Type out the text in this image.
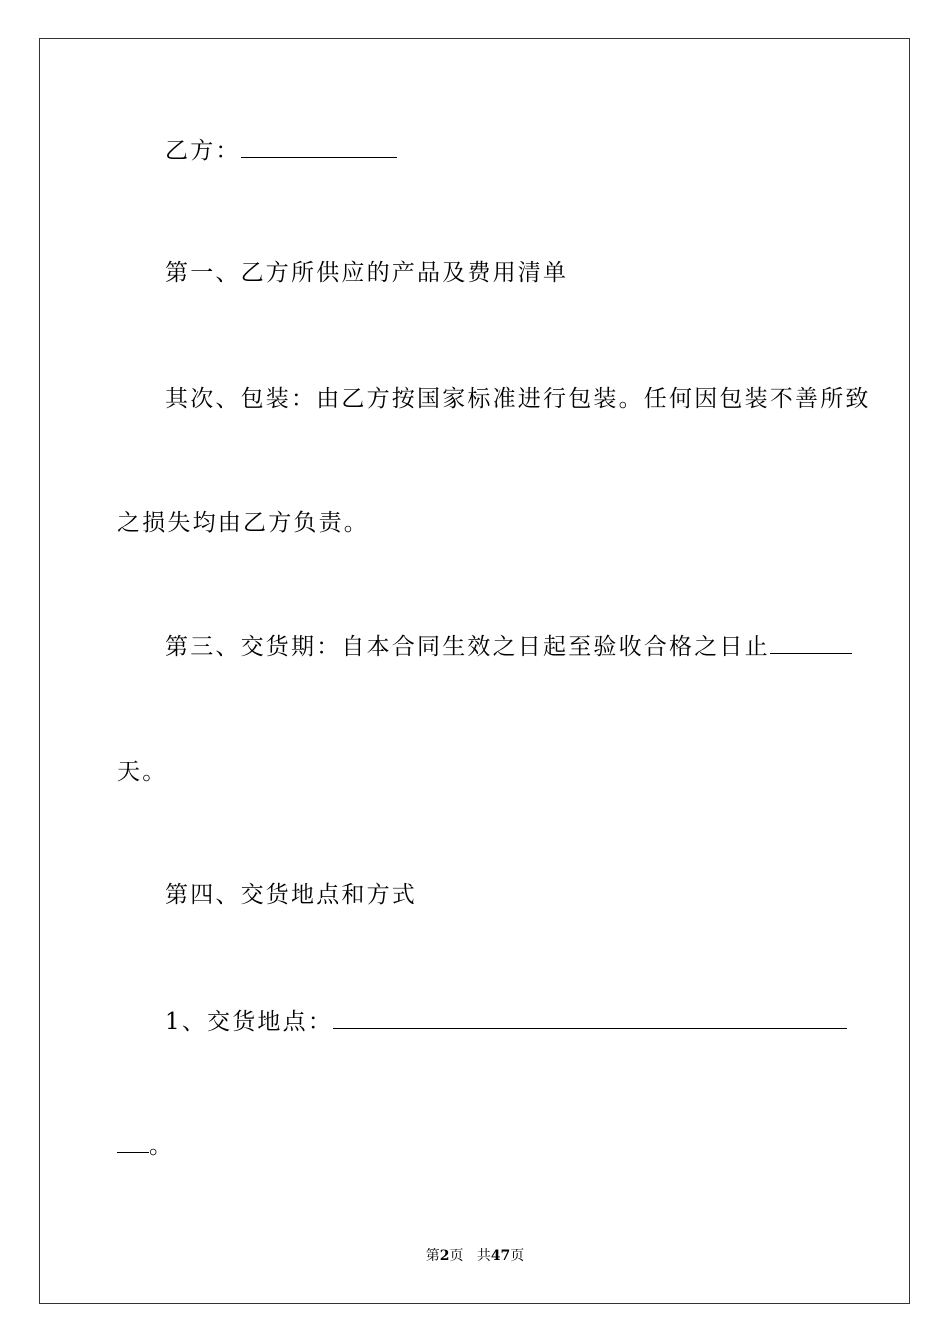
乙方：
第一、乙方所供应的产品及费用清单
其次、包装：由乙方按国家标准进行包装。任何因包装不善所致
之损失均由乙方负责。
第三、交货期：自本合同生效之日起至验收合格之日止
天。
第四、交货地点和方式
1、交货地点：
。
第2页 共47页
